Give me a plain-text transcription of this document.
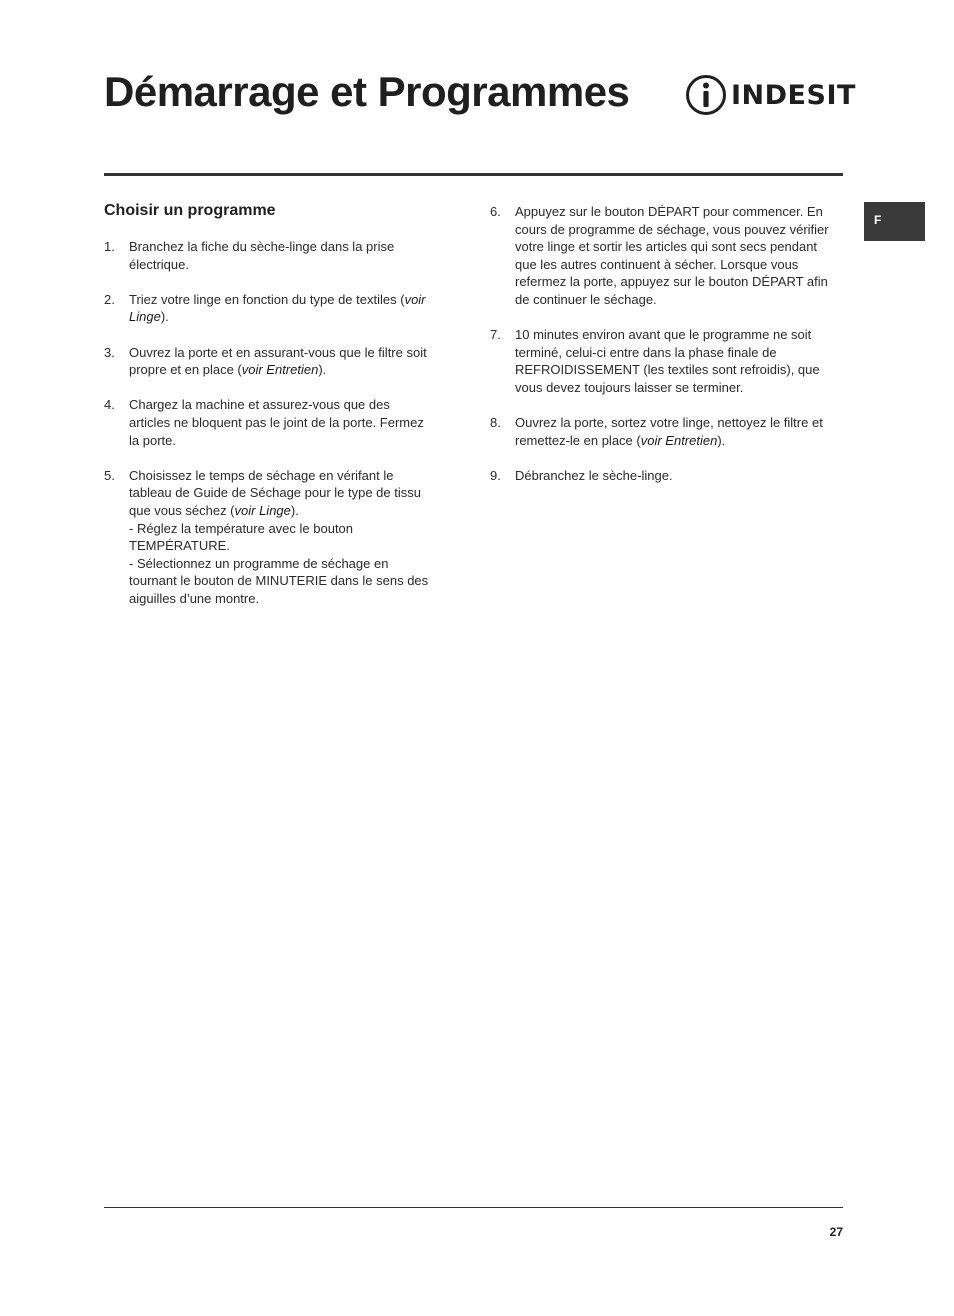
Démarrage et Programmes	INDESIT
F
Choisir un programme
1. Branchez la fiche du sèche-linge dans la prise électrique.
2. Triez votre linge en fonction du type de textiles (voir Linge).
3. Ouvrez la porte et en assurant-vous que le filtre soit propre et en place (voir Entretien).
4. Chargez la machine et assurez-vous que des articles ne bloquent pas le joint de la porte. Fermez la porte.
5. Choisissez le temps de séchage en vérifant le tableau de Guide de Séchage pour le type de tissu que vous séchez (voir Linge).
- Réglez la température avec le bouton TEMPÉRATURE.
- Sélectionnez un programme de séchage en tournant le bouton de MINUTERIE dans le sens des aiguilles d’une montre.
6. Appuyez sur le bouton DÉPART pour commencer. En cours de programme de séchage, vous pouvez vérifier votre linge et sortir les articles qui sont secs pendant que les autres continuent à sécher. Lorsque vous refermez la porte, appuyez sur le bouton DÉPART afin de continuer le séchage.
7. 10 minutes environ avant que le programme ne soit terminé, celui-ci entre dans la phase finale de REFROIDISSEMENT (les textiles sont refroidis), que vous devez toujours laisser se terminer.
8. Ouvrez la porte, sortez votre linge, nettoyez le filtre et remettez-le en place (voir Entretien).
9. Débranchez le sèche-linge.
27
